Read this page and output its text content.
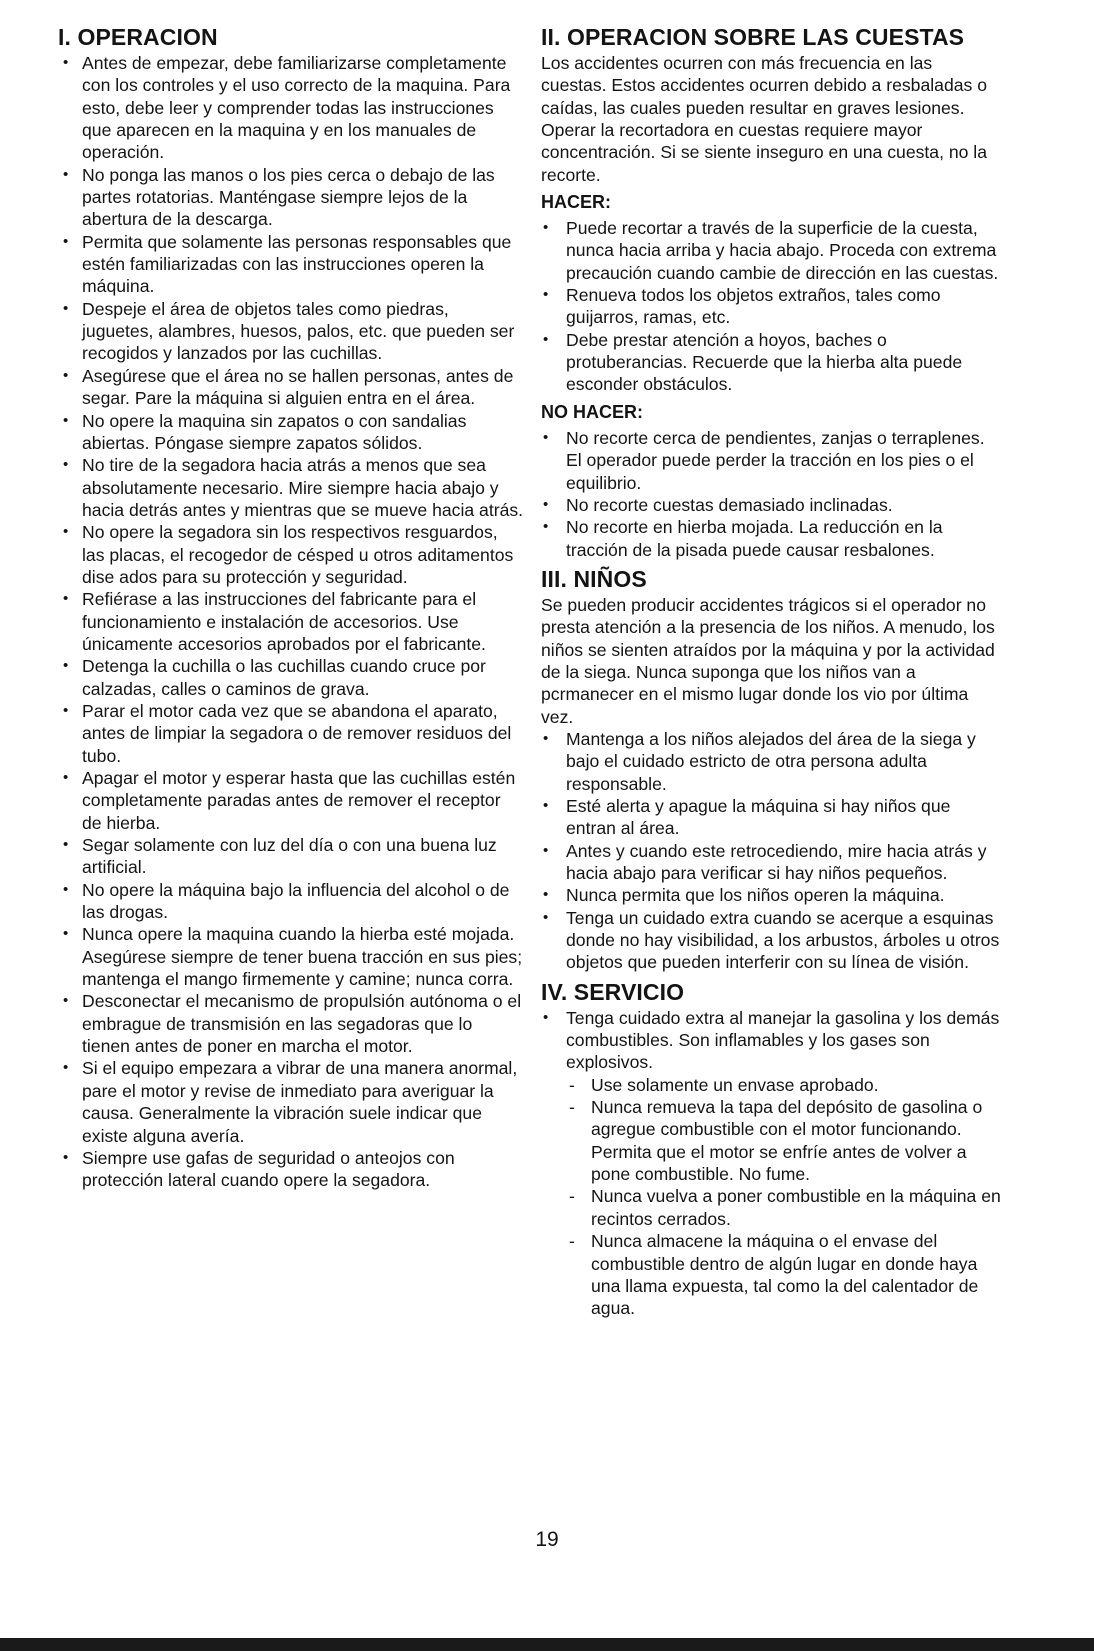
I. OPERACION
• Antes de empezar, debe familiarizarse completamente con los controles y el uso correcto de la maquina. Para esto, debe leer y comprender todas las instrucciones que aparecen en la maquina y en los manuales de operación.
• No ponga las manos o los pies cerca o debajo de las partes rotatorias. Manténgase siempre lejos de la abertura de la descarga.
• Permita que solamente las personas responsables que estén familiarizadas con las instrucciones operen la máquina.
• Despeje el área de objetos tales como piedras, juguetes, alambres, huesos, palos, etc. que pueden ser recogidos y lanzados por las cuchillas.
• Asegúrese que el área no se hallen personas, antes de segar. Pare la máquina si alguien entra en el área.
• No opere la maquina sin zapatos o con sandalias abiertas. Póngase siempre zapatos sólidos.
• No tire de la segadora hacia atrás a menos que sea absolutamente necesario. Mire siempre hacia abajo y hacia detrás antes y mientras que se mueve hacia atrás.
• No opere la segadora sin los respectivos resguardos, las placas, el recogedor de césped u otros aditamentos dise ados para su protección y seguridad.
• Refiérase a las instrucciones del fabricante para el funcionamiento e instalación de accesorios. Use únicamente accesorios aprobados por el fabricante.
• Detenga la cuchilla o las cuchillas cuando cruce por calzadas, calles o caminos de grava.
• Parar el motor cada vez que se abandona el aparato, antes de limpiar la segadora o de remover residuos del tubo.
• Apagar el motor y esperar hasta que las cuchillas estén completamente paradas antes de remover el receptor de hierba.
• Segar solamente con luz del día o con una buena luz artificial.
• No opere la máquina bajo la influencia del alcohol o de las drogas.
• Nunca opere la maquina cuando la hierba esté mojada. Asegúrese siempre de tener buena tracción en sus pies; mantenga el mango firmemente y camine; nunca corra.
• Desconectar el mecanismo de propulsión autónoma o el embrague de transmisión en las segadoras que lo tienen antes de poner en marcha el motor.
• Si el equipo empezara a vibrar de una manera anormal, pare el motor y revise de inmediato para averiguar la causa. Generalmente la vibración suele indicar que existe alguna avería.
• Siempre use gafas de seguridad o anteojos con protección lateral cuando opere la segadora.
II. OPERACION SOBRE LAS CUESTAS

Los accidentes ocurren con más frecuencia en las cuestas. Estos accidentes ocurren debido a resbaladas o caídas, las cuales pueden resultar en graves lesiones. Operar la recortadora en cuestas requiere mayor concentración. Si se siente inseguro en una cuesta, no la recorte.

HACER:
• Puede recortar a través de la superficie de la cuesta, nunca hacia arriba y hacia abajo. Proceda con extrema precaución cuando cambie de dirección en las cuestas.
• Renueva todos los objetos extraños, tales como guijarros, ramas, etc.
• Debe prestar atención a hoyos, baches o protuberancias. Recuerde que la hierba alta puede esconder obstáculos.
NO HACER:
• No recorte cerca de pendientes, zanjas o terraplenes. El operador puede perder la tracción en los pies o el equilibrio.
• No recorte cuestas demasiado inclinadas.
• No recorte en hierba mojada. La reducción en la tracción de la pisada puede causar resbalones.
III. NIÑOS

Se pueden producir accidentes trágicos si el operador no presta atención a la presencia de los niños. A menudo, los niños se sienten atraídos por la máquina y por la actividad de la siega. Nunca suponga que los niños van a pcrmanecer en el mismo lugar donde los vio por última vez.

• Mantenga a los niños alejados del área de la siega y bajo el cuidado estricto de otra persona adulta responsable.
• Esté alerta y apague la máquina si hay niños que entran al área.
• Antes y cuando este retrocediendo, mire hacia atrás y hacia abajo para verificar si hay niños pequeños.
• Nunca permita que los niños operen la máquina.
• Tenga un cuidado extra cuando se acerque a esquinas donde no hay visibilidad, a los arbustos, árboles u otros objetos que pueden interferir con su línea de visión.
IV. SERVICIO
• Tenga cuidado extra al manejar la gasolina y los demás combustibles. Son inflamables y los gases son explosivos.
- Use solamente un envase aprobado.
- Nunca remueva la tapa del depósito de gasolina o agregue combustible con el motor funcionando. Permita que el motor se enfríe antes de volver a pone combustible. No fume.
- Nunca vuelva a poner combustible en la máquina en recintos cerrados.
- Nunca almacene la máquina o el envase del combustible dentro de algún lugar en donde haya una llama expuesta, tal como la del calentador de agua.
19
